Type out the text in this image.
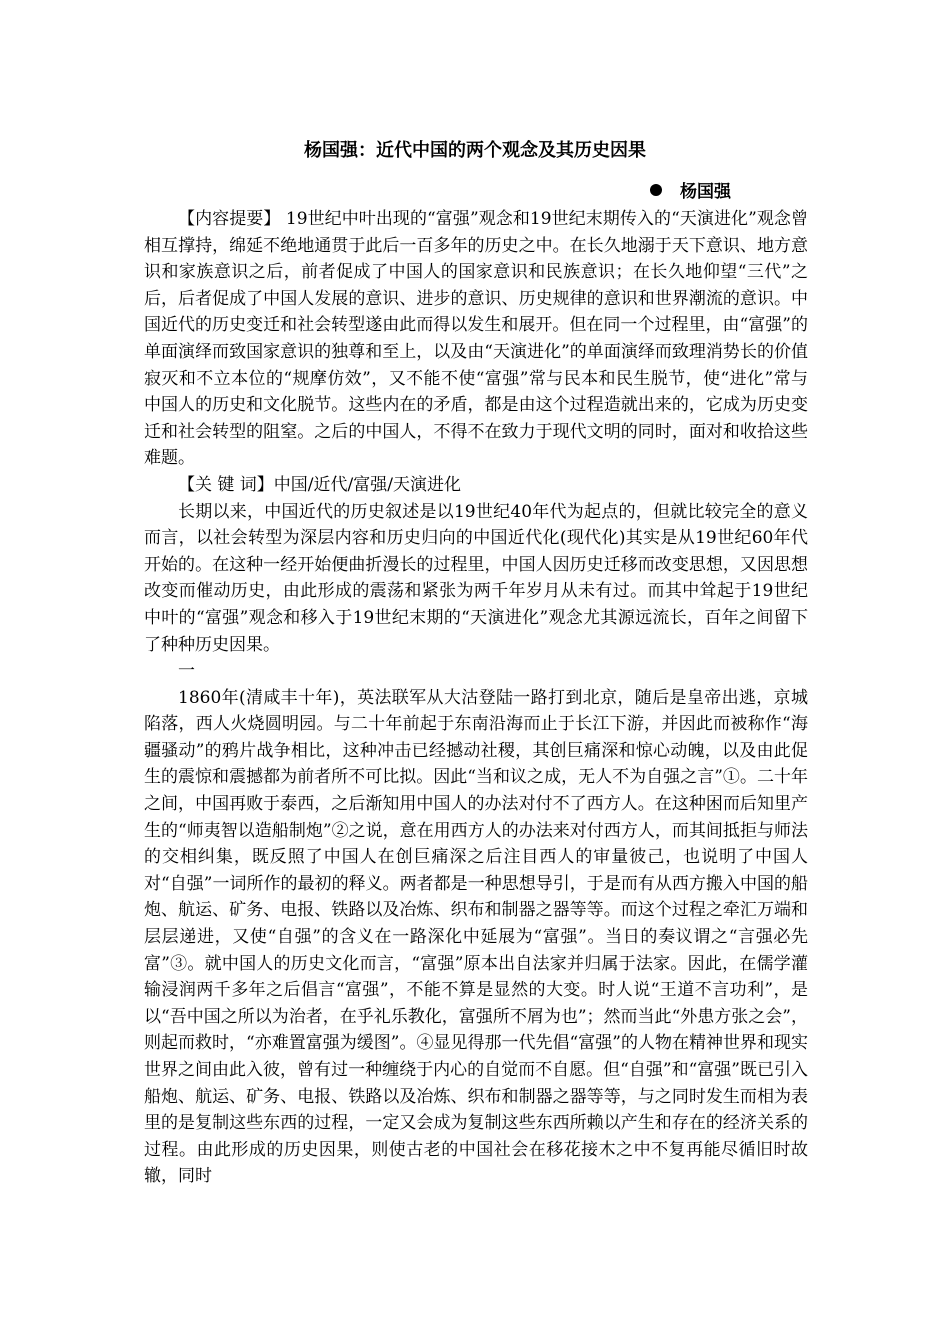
杨国强：近代中国的两个观念及其历史因果
杨国强

【内容提要】 19世纪中叶出现的“富强”观念和19世纪末期传入的“天演进化”观念曾相互撑持，绵延不绝地通贯于此后一百多年的历史之中。在长久地溺于天下意识、地方意识和家族意识之后，前者促成了中国人的国家意识和民族意识；在长久地仰望“三代”之后，后者促成了中国人发展的意识、进步的意识、历史规律的意识和世界潮流的意识。中国近代的历史变迁和社会转型遂由此而得以发生和展开。但在同一个过程里，由“富强”的单面演绎而致国家意识的独尊和至上，以及由“天演进化”的单面演绎而致理消势长的价值寂灭和不立本位的“规摩仿效”，又不能不使“富强”常与民本和民生脱节，使“进化”常与中国人的历史和文化脱节。这些内在的矛盾，都是由这个过程造就出来的，它成为历史变迁和社会转型的阻窒。之后的中国人，不得不在致力于现代文明的同时，面对和收拾这些难题。

【关 键 词】中国/近代/富强/天演进化

长期以来，中国近代的历史叙述是以19世纪40年代为起点的，但就比较完全的意义而言，以社会转型为深层内容和历史归向的中国近代化(现代化)其实是从19世纪60年代开始的。在这种一经开始便曲折漫长的过程里，中国人因历史迁移而改变思想，又因思想改变而催动历史，由此形成的震荡和紧张为两千年岁月从未有过。而其中耸起于19世纪中叶的“富强”观念和移入于19世纪末期的“天演进化”观念尤其源远流长，百年之间留下了种种历史因果。

一

1860年(清咸丰十年)，英法联军从大沽登陆一路打到北京，随后是皇帝出逃，京城陷落，西人火烧圆明园。与二十年前起于东南沿海而止于长江下游，并因此而被称作“海疆骚动”的鸦片战争相比，这种冲击已经撼动社稷，其创巨痛深和惊心动魄，以及由此促生的震惊和震撼都为前者所不可比拟。因此“当和议之成，无人不为自强之言”①。二十年之间，中国再败于泰西，之后渐知用中国人的办法对付不了西方人。在这种困而后知里产生的“师夷智以造船制炮”②之说，意在用西方人的办法来对付西方人，而其间抵拒与师法的交相纠集，既反照了中国人在创巨痛深之后注目西人的审量彼己，也说明了中国人对“自强”一词所作的最初的释义。两者都是一种思想导引，于是而有从西方搬入中国的船炮、航运、矿务、电报、铁路以及冶炼、织布和制器之器等等。而这个过程之牵汇万端和层层递进，又使“自强”的含义在一路深化中延展为“富强”。当日的奏议谓之“言强必先富”③。就中国人的历史文化而言，“富强”原本出自法家并归属于法家。因此，在儒学灌输浸润两千多年之后倡言“富强”，不能不算是显然的大变。时人说“王道不言功利”，是以“吾中国之所以为治者，在乎礼乐教化，富强所不屑为也”；然而当此“外患方张之会”，则起而救时，“亦难置富强为缓图”。④显见得那一代先倡“富强”的人物在精神世界和现实世界之间由此入彼，曾有过一种缠绕于内心的自觉而不自愿。但“自强”和“富强”既已引入船炮、航运、矿务、电报、铁路以及冶炼、织布和制器之器等等，与之同时发生而相为表里的是复制这些东西的过程，一定又会成为复制这些东西所赖以产生和存在的经济关系的过程。由此形成的历史因果，则使古老的中国社会在移花接木之中不复再能尽循旧时故辙，同时
